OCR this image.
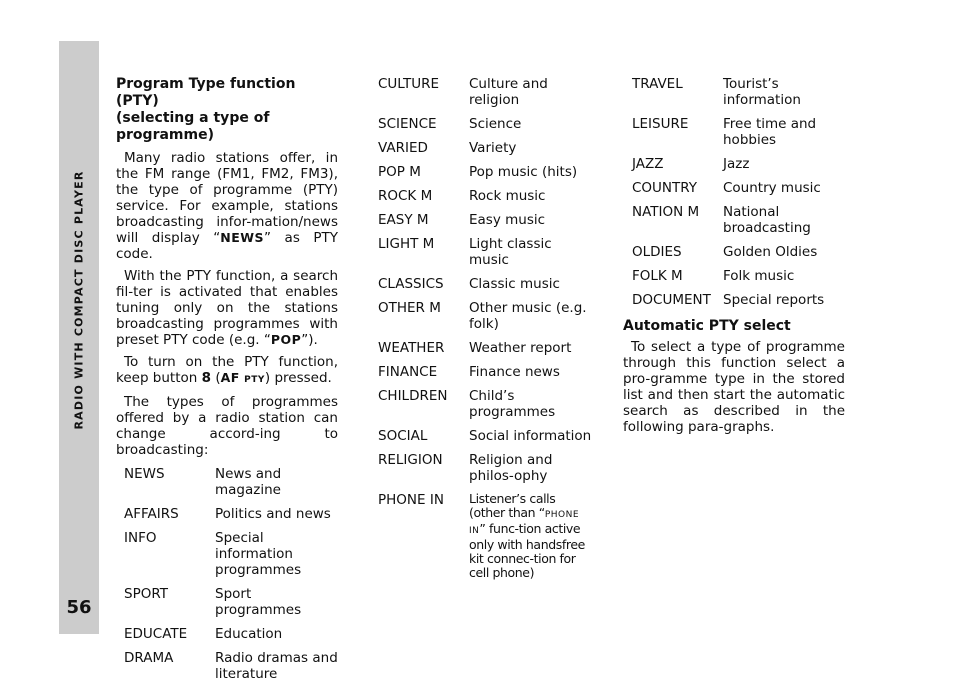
RADIO WITH COMPACT DISC PLAYER
56

Program Type function (PTY)
(selecting a type of programme)

Many radio stations offer, in the FM range (FM1, FM2, FM3), the type of programme (PTY) service. For example, stations broadcasting infor-mation/news will display “NEWS” as PTY code.

With the PTY function, a search fil-ter is activated that enables tuning only on the stations broadcasting programmes with preset PTY code (e.g. “POP”).

To turn on the PTY function, keep button 8 (AF PTY) pressed.

The types of programmes offered by a radio station can change accord-ing to broadcasting:

NEWS	News and magazine
AFFAIRS	Politics and news
INFO	Special information programmes
SPORT	Sport programmes
EDUCATE	Education
DRAMA	Radio dramas and literature
CULTURE	Culture and religion
SCIENCE	Science
VARIED	Variety
POP M	Pop music (hits)
ROCK M	Rock music
EASY M	Easy music
LIGHT M	Light classic music
CLASSICS	Classic music
OTHER M	Other music (e.g. folk)
WEATHER	Weather report
FINANCE	Finance news
CHILDREN	Child’s programmes
SOCIAL	Social information
RELIGION	Religion and philos-ophy
PHONE IN	Listener’s calls (other than “PHONE IN” func-tion active only with handsfree kit connec-tion for cell phone)
TRAVEL	Tourist’s information
LEISURE	Free time and hobbies
JAZZ	Jazz
COUNTRY	Country music
NATION M	National broadcasting
OLDIES	Golden Oldies
FOLK M	Folk music
DOCUMENT	Special reports

Automatic PTY select

To select a type of programme through this function select a pro-gramme type in the stored list and then start the automatic search as described in the following para-graphs.
